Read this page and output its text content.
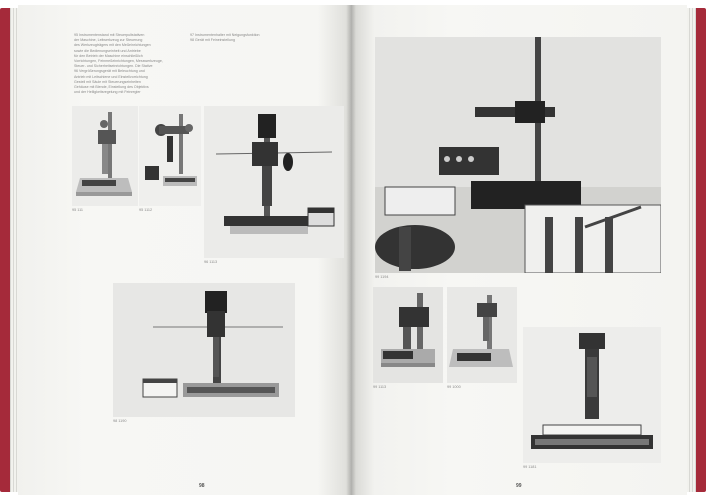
95 Instrumentenstand mit Steuerpultstativen
der Maschine, Leitwerkzeug zur Steuerung
des Werkzeugträgers mit den Meßeinrichtungen
sowie die Bedienungseinheit und Antriebe
für den Betrieb der Maschine einschließlich
Vorrichtungen, Feinmeßeinrichtungen, Messwerkzeuge,
Steuer- und Sicherheitseinrichtungen. Die Stative
96 Vergrößerungsgerät mit Beleuchtung und
Antrieb mit Leitschiene und Einstellvorrichtung
Gestell mit Säule mit Steuerungseinheiten
Gehäuse mit Blende, Einstellung des Objektivs
und der Helligkeitsregelung mit Feinregler
97 Instrumentenhalter mit Neigungsfunktion
98 Gerät mit Feineinstellung
95 111	95 1112
96 1113
98 1190
98
99 1194
99 1113	99 1000
99 1181
99
